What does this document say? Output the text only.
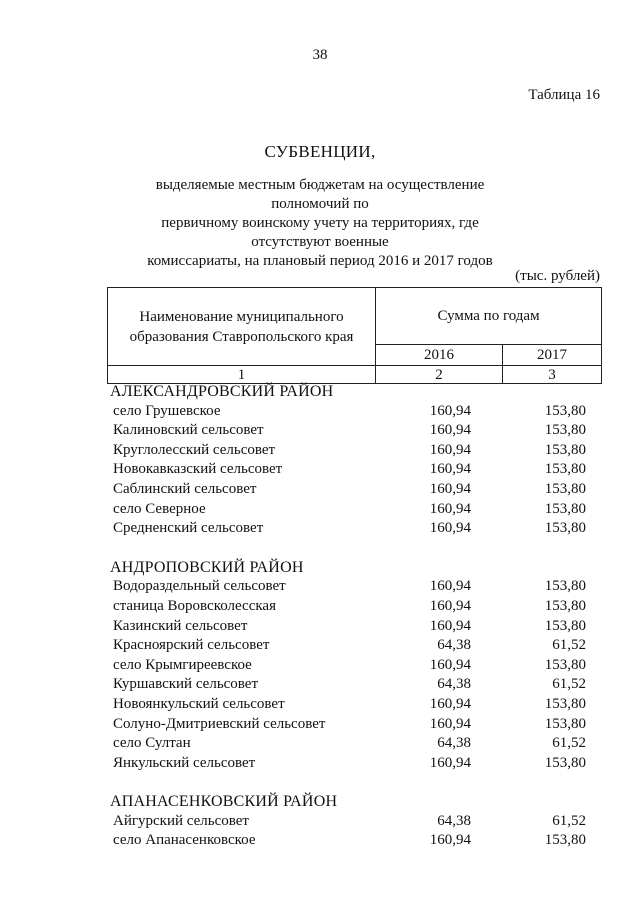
38
Таблица 16
СУБВЕНЦИИ,
выделяемые местным бюджетам на осуществление полномочий по
первичному воинскому учету на территориях, где отсутствуют военные
комиссариаты, на плановый период 2016 и 2017 годов
(тыс. рублей)
Наименование муниципального
образования Ставропольского края	Сумма по годам	
	2016	2017
1	2	3
АЛЕКСАНДРОВСКИЙ РАЙОН
село Грушевское	160,94	153,80
Калиновский сельсовет	160,94	153,80
Круглолесский сельсовет	160,94	153,80
Новокавказский сельсовет	160,94	153,80
Саблинский сельсовет	160,94	153,80
село Северное	160,94	153,80
Средненский сельсовет	160,94	153,80
АНДРОПОВСКИЙ РАЙОН
Водораздельный сельсовет	160,94	153,80
станица Воровсколесская	160,94	153,80
Казинский сельсовет	160,94	153,80
Красноярский сельсовет	64,38	61,52
село Крымгиреевское	160,94	153,80
Куршавский сельсовет	64,38	61,52
Новоянкульский сельсовет	160,94	153,80
Солуно-Дмитриевский сельсовет	160,94	153,80
село Султан	64,38	61,52
Янкульский сельсовет	160,94	153,80
АПАНАСЕНКОВСКИЙ РАЙОН
Айгурский сельсовет	64,38	61,52
село Апанасенковское	160,94	153,80
